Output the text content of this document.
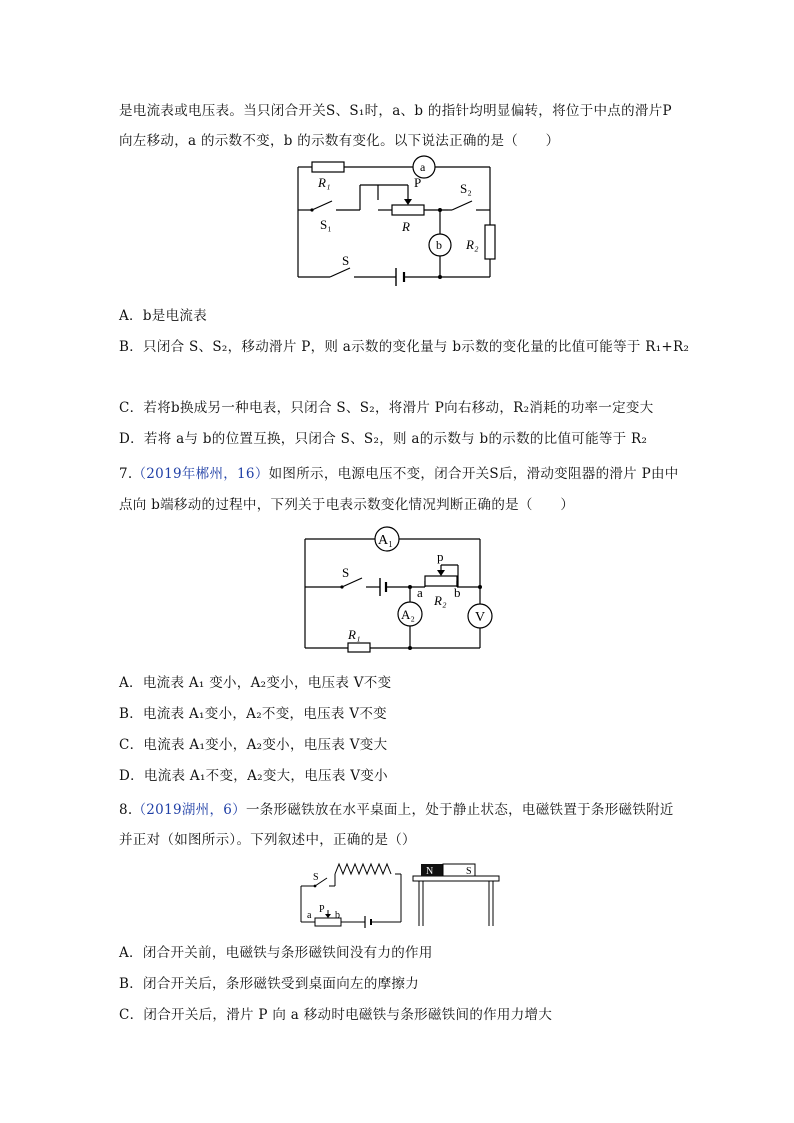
是电流表或电压表。当只闭合开关S、S₁时，a、b 的指针均明显偏转，将位于中点的滑片P
向左移动，a 的示数不变，b 的示数有变化。以下说法正确的是（　　）
a
b
R₁
S₁
P
R
S₂
R₂
S
A．b是电流表
B．只闭合 S、S₂，移动滑片 P，则 a示数的变化量与 b示数的变化量的比值可能等于 R₁+R₂
C．若将b换成另一种电表，只闭合 S、S₂，将滑片 P向右移动，R₂消耗的功率一定变大
D．若将 a与 b的位置互换，只闭合 S、S₂，则 a的示数与 b的示数的比值可能等于 R₂
7.（2019年郴州，16）如图所示，电源电压不变，闭合开关S后，滑动变阻器的滑片 P由中
点向 b端移动的过程中，下列关于电表示数变化情况判断正确的是（　　）
A₁
S
p
a
R₂
b
A₂	V
R₁
A．电流表 A₁ 变小，A₂变小，电压表 V不变
B．电流表 A₁变小，A₂不变，电压表 V不变
C．电流表 A₁变小，A₂变小，电压表 V变大
D．电流表 A₁不变，A₂变大，电压表 V变小
8.（2019湖州，6）一条形磁铁放在水平桌面上，处于静止状态，电磁铁置于条形磁铁附近
并正对（如图所示）。下列叙述中，正确的是（）
N	S
S
P
a b
A．闭合开关前，电磁铁与条形磁铁间没有力的作用
B．闭合开关后，条形磁铁受到桌面向左的摩擦力
C．闭合开关后，滑片 P 向 a 移动时电磁铁与条形磁铁间的作用力增大
